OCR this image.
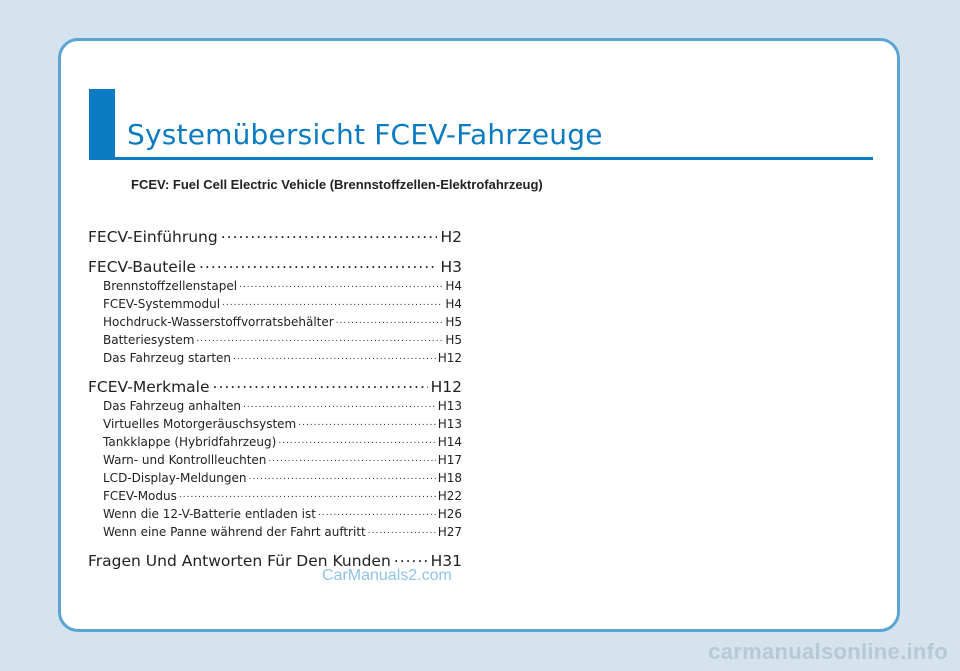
Systemübersicht FCEV-Fahrzeuge
FCEV: Fuel Cell Electric Vehicle (Brennstoffzellen-Elektrofahrzeug)
FECV-Einführung .....	H2
FECV-Bauteile .....	H3
Brennstoffzellenstapel .....	H4
FCEV-Systemmodul .....	H4
Hochdruck-Wasserstoffvorratsbehälter .....	H5
Batteriesystem .....	H5
Das Fahrzeug starten .....	H12
FCEV-Merkmale .....	H12
Das Fahrzeug anhalten .....	H13
Virtuelles Motorgeräuschsystem .....	H13
Tankklappe (Hybridfahrzeug) .....	H14
Warn- und Kontrollleuchten .....	H17
LCD-Display-Meldungen .....	H18
FCEV-Modus .....	H22
Wenn die 12-V-Batterie entladen ist .....	H26
Wenn eine Panne während der Fahrt auftritt .....	H27
Fragen Und Antworten Für Den Kunden .....	H31
CarManuals2.com
carmanualsonline.info
